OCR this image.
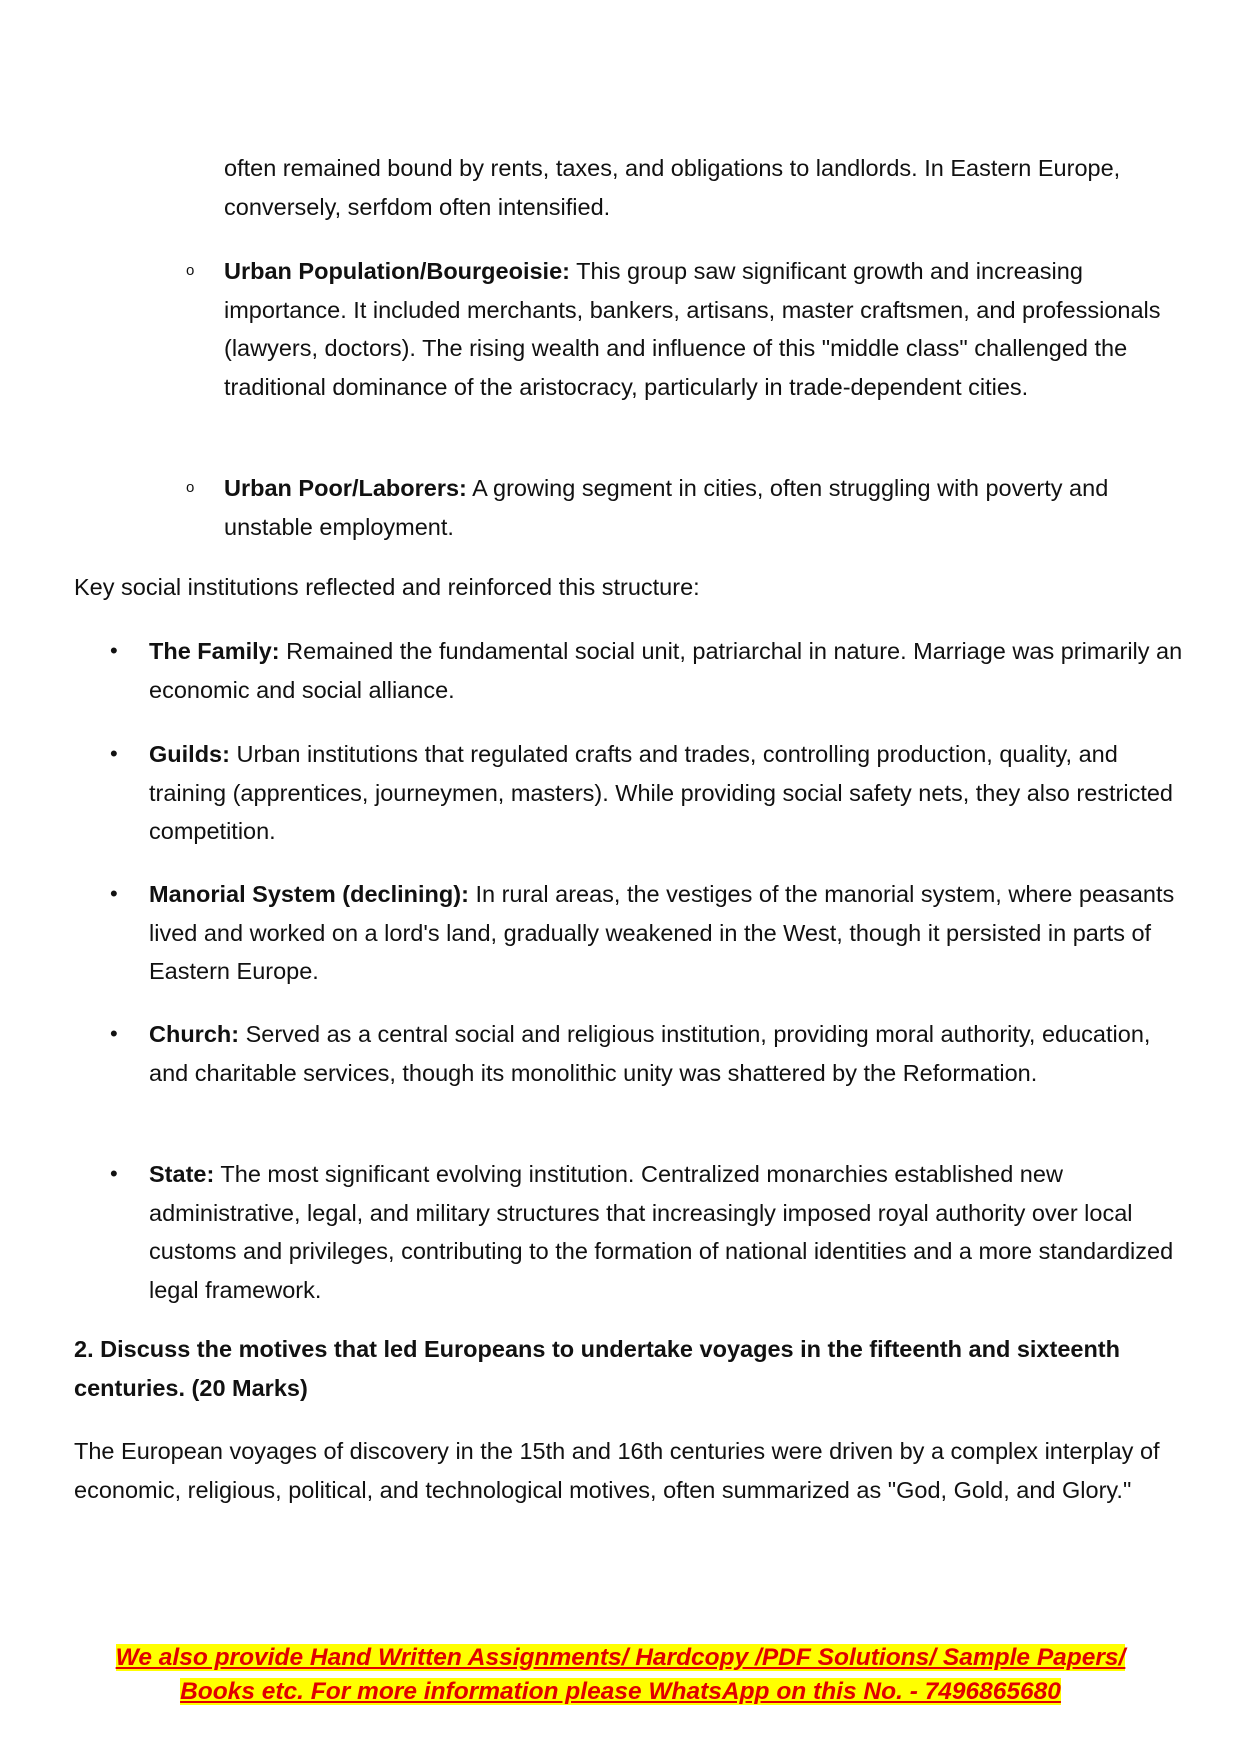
often remained bound by rents, taxes, and obligations to landlords. In Eastern Europe, conversely, serfdom often intensified.
o Urban Population/Bourgeoisie: This group saw significant growth and increasing importance. It included merchants, bankers, artisans, master craftsmen, and professionals (lawyers, doctors). The rising wealth and influence of this "middle class" challenged the traditional dominance of the aristocracy, particularly in trade-dependent cities.
o Urban Poor/Laborers: A growing segment in cities, often struggling with poverty and unstable employment.
Key social institutions reflected and reinforced this structure:
• The Family: Remained the fundamental social unit, patriarchal in nature. Marriage was primarily an economic and social alliance.
• Guilds: Urban institutions that regulated crafts and trades, controlling production, quality, and training (apprentices, journeymen, masters). While providing social safety nets, they also restricted competition.
• Manorial System (declining): In rural areas, the vestiges of the manorial system, where peasants lived and worked on a lord's land, gradually weakened in the West, though it persisted in parts of Eastern Europe.
• Church: Served as a central social and religious institution, providing moral authority, education, and charitable services, though its monolithic unity was shattered by the Reformation.
• State: The most significant evolving institution. Centralized monarchies established new administrative, legal, and military structures that increasingly imposed royal authority over local customs and privileges, contributing to the formation of national identities and a more standardized legal framework.
2. Discuss the motives that led Europeans to undertake voyages in the fifteenth and sixteenth centuries. (20 Marks)
The European voyages of discovery in the 15th and 16th centuries were driven by a complex interplay of economic, religious, political, and technological motives, often summarized as "God, Gold, and Glory."
We also provide Hand Written Assignments/ Hardcopy /PDF Solutions/ Sample Papers/
Books etc. For more information please WhatsApp on this No. - 7496865680
